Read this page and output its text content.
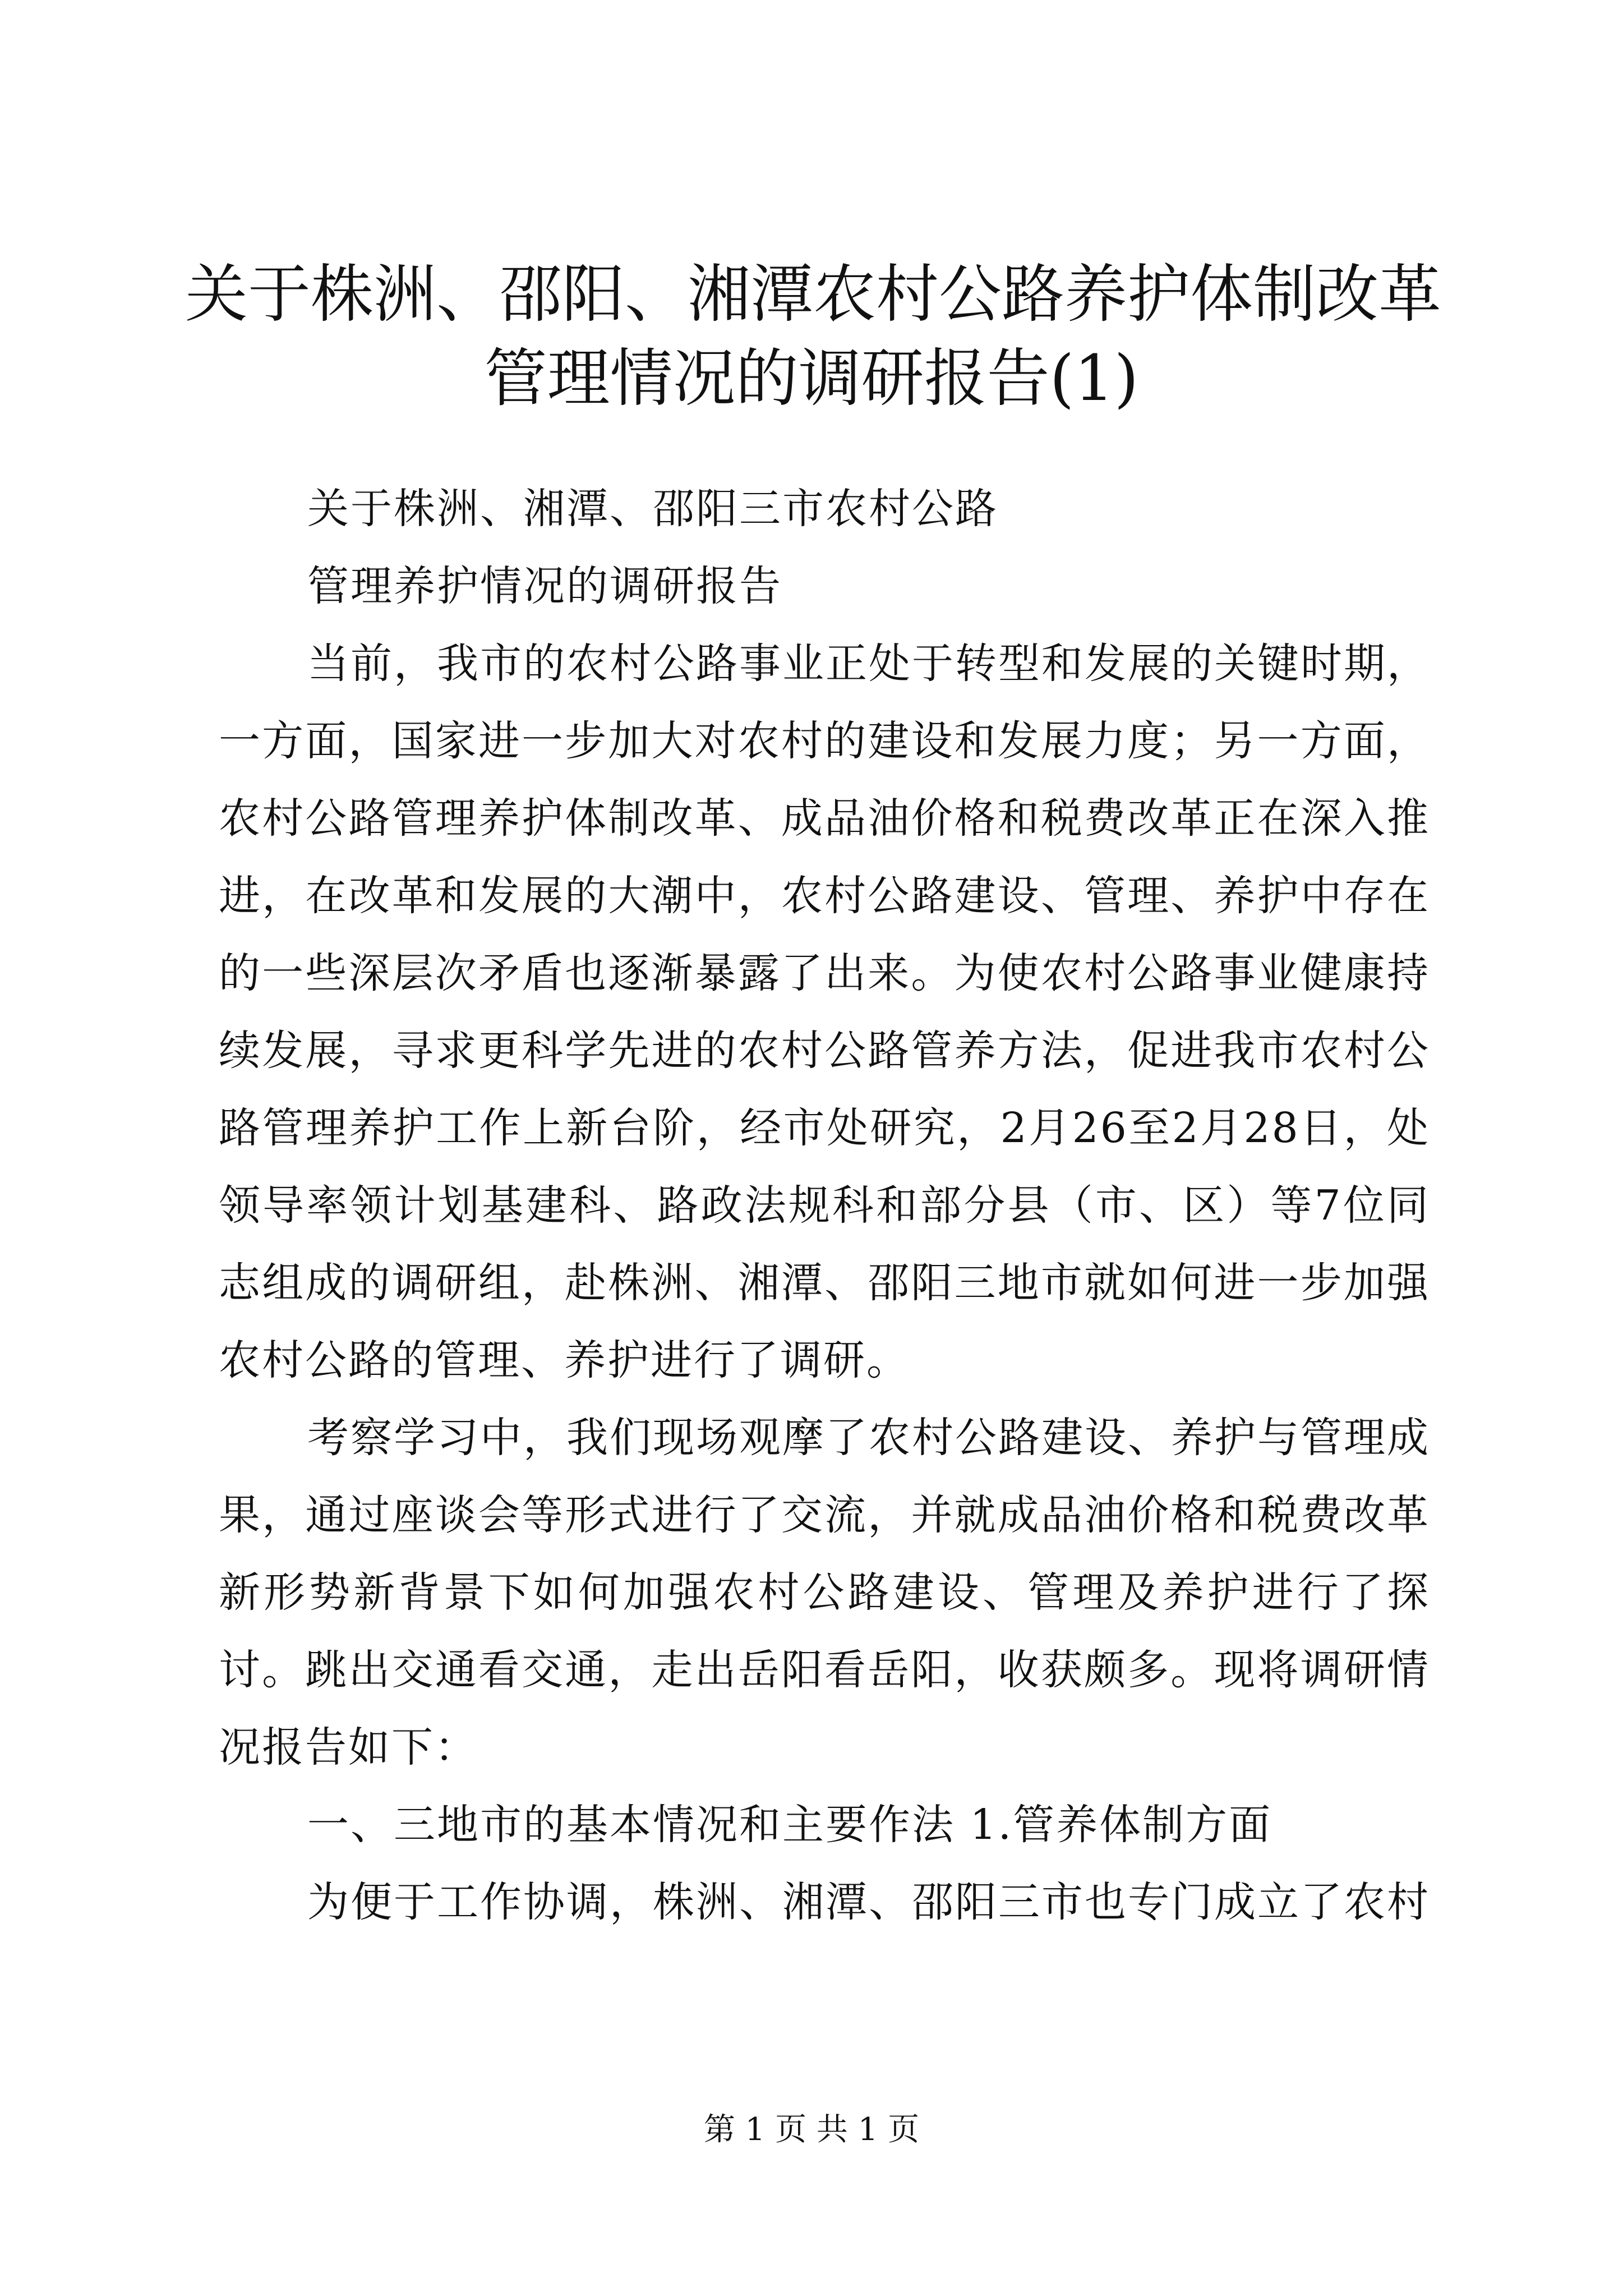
关于株洲、邵阳、湘潭农村公路养护体制改革
管理情况的调研报告(1)

关于株洲、湘潭、邵阳三市农村公路

管理养护情况的调研报告

当前，我市的农村公路事业正处于转型和发展的关键时期，一方面，国家进一步加大对农村的建设和发展力度；另一方面，农村公路管理养护体制改革、成品油价格和税费改革正在深入推进，在改革和发展的大潮中，农村公路建设、管理、养护中存在的一些深层次矛盾也逐渐暴露了出来。为使农村公路事业健康持续发展，寻求更科学先进的农村公路管养方法，促进我市农村公路管理养护工作上新台阶，经市处研究，2月26至2月28日，处领导率领计划基建科、路政法规科和部分县（市、区）等7位同志组成的调研组，赴株洲、湘潭、邵阳三地市就如何进一步加强农村公路的管理、养护进行了调研。

考察学习中，我们现场观摩了农村公路建设、养护与管理成果，通过座谈会等形式进行了交流，并就成品油价格和税费改革新形势新背景下如何加强农村公路建设、管理及养护进行了探讨。跳出交通看交通，走出岳阳看岳阳，收获颇多。现将调研情况报告如下：

一、三地市的基本情况和主要作法 1.管养体制方面

为便于工作协调，株洲、湘潭、邵阳三市也专门成立了农村

第 1 页 共 1 页
